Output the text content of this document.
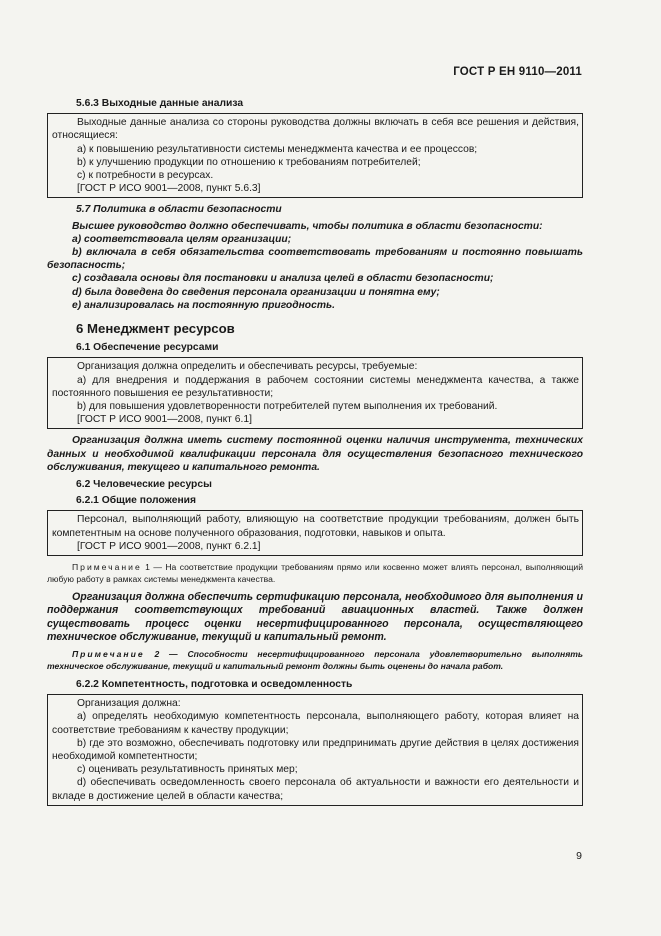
ГОСТ Р ЕН 9110—2011
5.6.3 Выходные данные анализа

Выходные данные анализа со стороны руководства должны включать в себя все решения и действия, относящиеся:

a) к повышению результативности системы менеджмента качества и ее процессов;

b) к улучшению продукции по отношению к требованиям потребителей;

c) к потребности в ресурсах.

[ГОСТ Р ИСО 9001—2008, пункт 5.6.3]

5.7 Политика в области безопасности

Высшее руководство должно обеспечивать, чтобы политика в области безопасности:

a) соответствовала целям организации;

b) включала в себя обязательства соответствовать требованиям и постоянно повышать безопасность;

c) создавала основы для постановки и анализа целей в области безопасности;

d) была доведена до сведения персонала организации и понятна ему;

e) анализировалась на постоянную пригодность.

6 Менеджмент ресурсов
6.1 Обеспечение ресурсами

Организация должна определить и обеспечивать ресурсы, требуемые:

a) для внедрения и поддержания в рабочем состоянии системы менеджмента качества, а также постоянного повышения ее результативности;

b) для повышения удовлетворенности потребителей путем выполнения их требований.

[ГОСТ Р ИСО 9001—2008, пункт 6.1]

Организация должна иметь систему постоянной оценки наличия инструмента, технических данных и необходимой квалификации персонала для осуществления безопасного технического обслуживания, текущего и капитального ремонта.

6.2 Человеческие ресурсы
6.2.1 Общие положения

Персонал, выполняющий работу, влияющую на соответствие продукции требованиям, должен быть компетентным на основе полученного образования, подготовки, навыков и опыта.

[ГОСТ Р ИСО 9001—2008, пункт 6.2.1]

Примечание 1 — На соответствие продукции требованиям прямо или косвенно может влиять персонал, выполняющий любую работу в рамках системы менеджмента качества.

Организация должна обеспечить сертификацию персонала, необходимого для выполнения и поддержания соответствующих требований авиационных властей. Также должен существовать процесс оценки несертифицированного персонала, осуществляющего техническое обслуживание, текущий и капитальный ремонт.

Примечание 2 — Способности несертифицированного персонала удовлетворительно выполнять техническое обслуживание, текущий и капитальный ремонт должны быть оценены до начала работ.

6.2.2 Компетентность, подготовка и осведомленность

Организация должна:

a) определять необходимую компетентность персонала, выполняющего работу, которая влияет на соответствие требованиям к качеству продукции;

b) где это возможно, обеспечивать подготовку или предпринимать другие действия в целях достижения необходимой компетентности;

c) оценивать результативность принятых мер;

d) обеспечивать осведомленность своего персонала об актуальности и важности его деятельности и вкладе в достижение целей в области качества;

9
